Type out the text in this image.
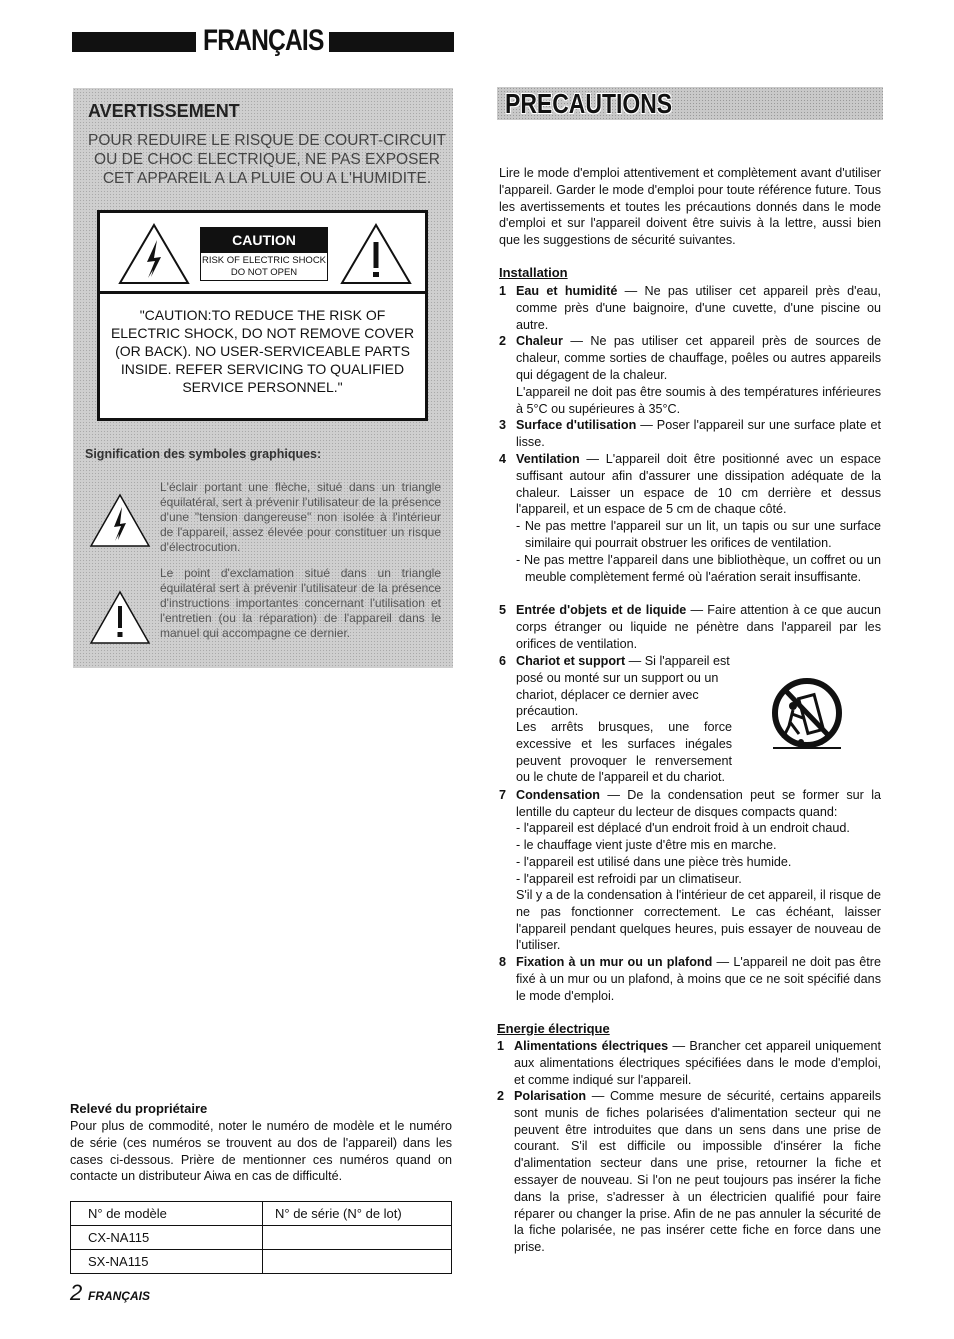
FRANÇAIS
AVERTISSEMENT
POUR REDUIRE LE RISQUE DE COURT-CIRCUIT OU DE CHOC ELECTRIQUE, NE PAS EXPOSER CET APPAREIL A LA PLUIE OU A L'HUMIDITE.
CAUTION
RISK OF ELECTRIC SHOCK
DO NOT OPEN
"CAUTION:TO REDUCE THE RISK OF ELECTRIC SHOCK, DO NOT REMOVE COVER (OR BACK). NO USER-SERVICEABLE PARTS INSIDE. REFER SERVICING TO QUALIFIED SERVICE PERSONNEL."
Signification des symboles graphiques:
L'éclair portant une flèche, situé dans un triangle équilatéral, sert à prévenir l'utilisateur de la présence d'une "tension dangereuse" non isolée à l'intérieur de l'appareil, assez élevée pour constituer un risque d'électrocution.
Le point d'exclamation situé dans un triangle équilatéral sert à prévenir l'utilisateur de la présence d'instructions importantes concernant l'utilisation et l'entretien (ou la réparation) de l'appareil dans le manuel qui accompagne ce dernier.
Relevé du propriétaire
Pour plus de commodité, noter le numéro de modèle et le numéro de série (ces numéros se trouvent au dos de l'appareil) dans les cases ci-dessous. Prière de mentionner ces numéros quand on contacte un distributeur Aiwa en cas de difficulté.
N° de modèle	N° de série (N° de lot)
CX-NA115	
SX-NA115	
2 FRANÇAIS
PRECAUTIONS
Lire le mode d'emploi attentivement et complètement avant d'utiliser l'appareil. Garder le mode d'emploi pour toute référence future. Tous les avertissements et toutes les précautions donnés dans le mode d'emploi et sur l'appareil doivent être suivis à la lettre, aussi bien que les suggestions de sécurité suivantes.
Installation
1 Eau et humidité — Ne pas utiliser cet appareil près d'eau, comme près d'une baignoire, d'une cuvette, d'une piscine ou autre.
2 Chaleur — Ne pas utiliser cet appareil près de sources de chaleur, comme sorties de chauffage, poêles ou autres appareils qui dégagent de la chaleur.
L'appareil ne doit pas être soumis à des températures inférieures à 5°C ou supérieures à 35°C.
3 Surface d'utilisation — Poser l'appareil sur une surface plate et lisse.
4 Ventilation — L'appareil doit être positionné avec un espace suffisant autour afin d'assurer une dissipation adéquate de la chaleur. Laisser un espace de 10 cm derrière et dessus l'appareil, et un espace de 5 cm de chaque côté.
- Ne pas mettre l'appareil sur un lit, un tapis ou sur une surface similaire qui pourrait obstruer les orifices de ventilation.
- Ne pas mettre l'appareil dans une bibliothèque, un coffret ou un meuble complètement fermé où l'aération serait insuffisante.
5 Entrée d'objets et de liquide — Faire attention à ce que aucun corps étranger ou liquide ne pénètre dans l'appareil par les orifices de ventilation.
6 Chariot et support — Si l'appareil est posé ou monté sur un support ou un chariot, déplacer ce dernier avec précaution.
Les arrêts brusques, une force excessive et les surfaces inégales peuvent provoquer le renversement ou le chute de l'appareil et du chariot.
7 Condensation — De la condensation peut se former sur la lentille du capteur du lecteur de disques compacts quand:
- l'appareil est déplacé d'un endroit froid à un endroit chaud.
- le chauffage vient juste d'être mis en marche.
- l'appareil est utilisé dans une pièce très humide.
- l'appareil est refroidi par un climatiseur.
S'il y a de la condensation à l'intérieur de cet appareil, il risque de ne pas fonctionner correctement. Le cas échéant, laisser l'appareil pendant quelques heures, puis essayer de nouveau de l'utiliser.
8 Fixation à un mur ou un plafond — L'appareil ne doit pas être fixé à un mur ou un plafond, à moins que ce ne soit spécifié dans le mode d'emploi.
Energie électrique
1 Alimentations électriques — Brancher cet appareil uniquement aux alimentations électriques spécifiées dans le mode d'emploi, et comme indiqué sur l'appareil.
2 Polarisation — Comme mesure de sécurité, certains appareils sont munis de fiches polarisées d'alimentation secteur qui ne peuvent être introduites que dans un sens dans une prise de courant. S'il est difficile ou impossible d'insérer la fiche d'alimentation secteur dans une prise, retourner la fiche et essayer de nouveau. Si l'on ne peut toujours pas insérer la fiche dans la prise, s'adresser à un électricien qualifié pour faire réparer ou changer la prise. Afin de ne pas annuler la sécurité de la fiche polarisée, ne pas insérer cette fiche en force dans une prise.
